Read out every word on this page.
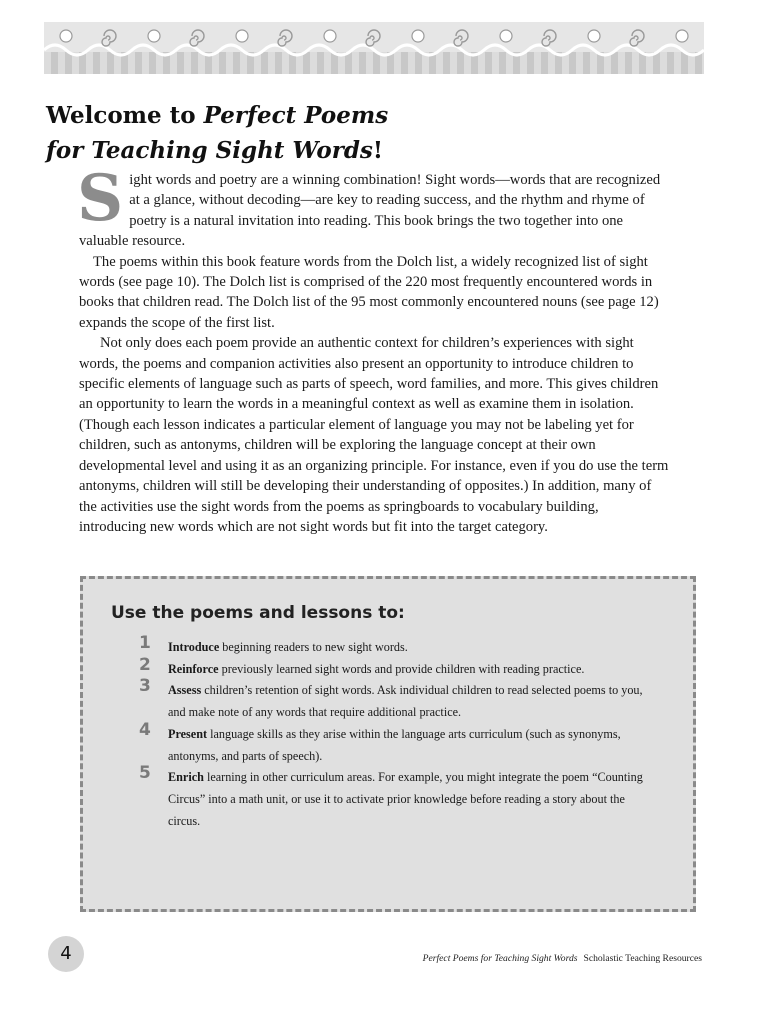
Welcome to Perfect Poems
for Teaching Sight Words!

Sight words and poetry are a winning combination! Sight words—words that are recognized at a glance, without decoding—are key to reading success, and the rhythm and rhyme of poetry is a natural invitation into reading. This book brings the two together into one valuable resource.

The poems within this book feature words from the Dolch list, a widely recognized list of sight words (see page 10). The Dolch list is comprised of the 220 most frequently encountered words in books that children read. The Dolch list of the 95 most commonly encountered nouns (see page 12) expands the scope of the first list.

Not only does each poem provide an authentic context for children’s experiences with sight words, the poems and companion activities also present an opportunity to introduce children to specific elements of language such as parts of speech, word families, and more. This gives children an opportunity to learn the words in a meaningful context as well as examine them in isolation. (Though each lesson indicates a particular element of language you may not be labeling yet for children, such as antonyms, children will be exploring the language concept at their own developmental level and using it as an organizing principle. For instance, even if you do use the term antonyms, children will still be developing their understanding of opposites.) In addition, many of the activities use the sight words from the poems as springboards to vocabulary building, introducing new words which are not sight words but fit into the target category.

Use the poems and lessons to:
1 Introduce beginning readers to new sight words.
2 Reinforce previously learned sight words and provide children with reading practice.
3 Assess children’s retention of sight words. Ask individual children to read selected poems to you, and make note of any words that require additional practice.
4 Present language skills as they arise within the language arts curriculum (such as synonyms, antonyms, and parts of speech).
5 Enrich learning in other curriculum areas. For example, you might integrate the poem “Counting Circus” into a math unit, or use it to activate prior knowledge before reading a story about the circus.
4	Perfect Poems for Teaching Sight Words Scholastic Teaching Resources
